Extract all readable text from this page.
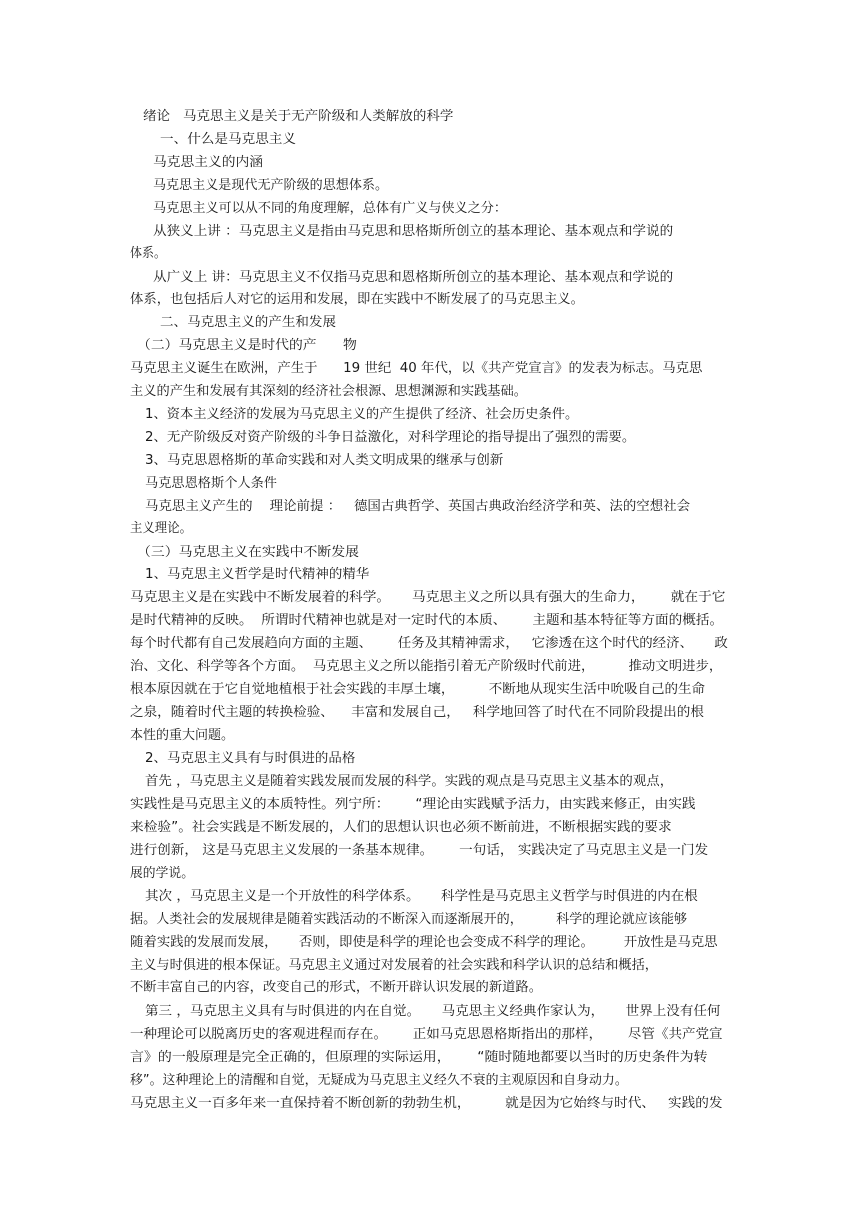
绪论   马克思主义是关于无产阶级和人类解放的科学

一、什么是马克思主义

马克思主义的内涵

马克思主义是现代无产阶级的思想体系。

马克思主义可以从不同的角度理解，总体有广义与侠义之分：

从狭义上讲 ：马克思主义是指由马克思和思格斯所创立的基本理论、基本观点和学说的

体系。

从广义上 讲：马克思主义不仅指马克思和恩格斯所创立的基本理论、基本观点和学说的

体系，也包括后人对它的运用和发展，即在实践中不断发展了的马克思主义。

二、马克思主义的产生和发展

（二）马克思主义是时代的产      物

马克思主义诞生在欧洲，产生于      19 世纪  40 年代，以《共产党宣言》的发表为标志。马克思

主义的产生和发展有其深刻的经济社会根源、思想渊源和实践基础。

1、资本主义经济的发展为马克思主义的产生提供了经济、社会历史条件。

2、无产阶级反对资产阶级的斗争日益激化，对科学理论的指导提出了强烈的需要。

3、马克思恩格斯的革命实践和对人类文明成果的继承与创新

马克思恩格斯个人条件

马克思主义产生的    理论前提 ：   德国古典哲学、英国古典政治经济学和英、法的空想社会

主义理论。

（三）马克思主义在实践中不断发展

1、马克思主义哲学是时代精神的精华

马克思主义是在实践中不断发展着的科学。     马克思主义之所以具有强大的生命力，      就在于它

是时代精神的反映。  所谓时代精神也就是对一定时代的本质、      主题和基本特征等方面的概括。

每个时代都有自己发展趋向方面的主题、      任务及其精神需求，   它渗透在这个时代的经济、     政

治、文化、科学等各个方面。  马克思主义之所以能指引着无产阶级时代前进，        推动文明进步，

根本原因就在于它自觉地植根于社会实践的丰厚土壤，        不断地从现实生活中吮吸自己的生命

之泉，随着时代主题的转换检验、    丰富和发展自己，   科学地回答了时代在不同阶段提出的根

本性的重大问题。

2、马克思主义具有与时俱进的品格

首先 ，马克思主义是随着实践发展而发展的科学。实践的观点是马克思主义基本的观点，

实践性是马克思主义的本质特性。列宁所：      “理论由实践赋予活力，由实践来修正，由实践

来检验”。社会实践是不断发展的，人们的思想认识也必须不断前进，不断根据实践的要求

进行创新， 这是马克思主义发展的一条基本规律。      一句话， 实践决定了马克思主义是一门发

展的学说。

其次 ，马克思主义是一个开放性的科学体系。     科学性是马克思主义哲学与时俱进的内在根

据。人类社会的发展规律是随着实践活动的不断深入而逐渐展开的，        科学的理论就应该能够

随着实践的发展而发展，     否则，即使是科学的理论也会变成不科学的理论。       开放性是马克思

主义与时俱进的根本保证。马克思主义通过对发展着的社会实践和科学认识的总结和概括，

不断丰富自己的内容，改变自己的形式，不断开辟认识发展的新道路。

第三 ，马克思主义具有与时俱进的内在自觉。     马克思主义经典作家认为，     世界上没有任何

一种理论可以脱离历史的客观进程而存在。      正如马克思恩格斯指出的那样，      尽管《共产党宣

言》的一般原理是完全正确的，但原理的实际运用，      “随时随地都要以当时的历史条件为转

移”。这种理论上的清醒和自觉，无疑成为马克思主义经久不衰的主观原因和自身动力。

马克思主义一百多年来一直保持着不断创新的勃勃生机，        就是因为它始终与时代、   实践的发
